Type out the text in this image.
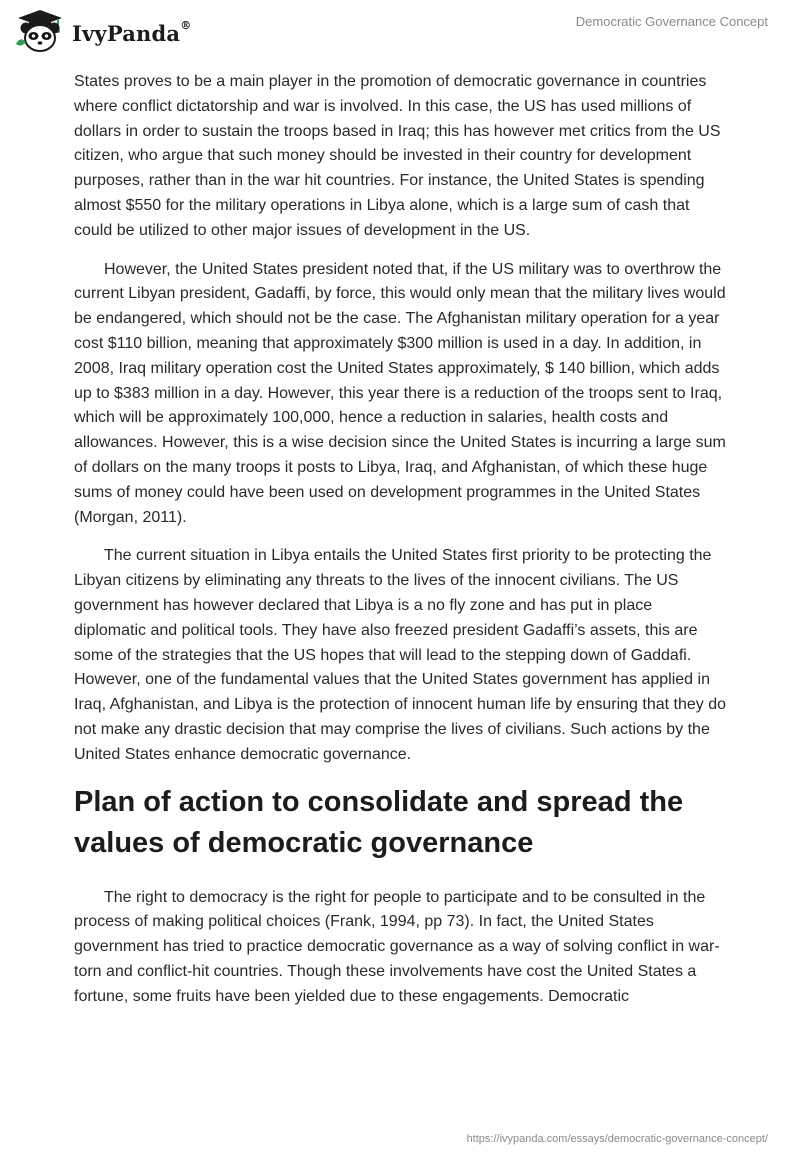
IvyPanda®	Democratic Governance Concept

States proves to be a main player in the promotion of democratic governance in countries where conflict dictatorship and war is involved. In this case, the US has used millions of dollars in order to sustain the troops based in Iraq; this has however met critics from the US citizen, who argue that such money should be invested in their country for development purposes, rather than in the war hit countries. For instance, the United States is spending almost $550 for the military operations in Libya alone, which is a large sum of cash that could be utilized to other major issues of development in the US.

However, the United States president noted that, if the US military was to overthrow the current Libyan president, Gadaffi, by force, this would only mean that the military lives would be endangered, which should not be the case. The Afghanistan military operation for a year cost $110 billion, meaning that approximately $300 million is used in a day. In addition, in 2008, Iraq military operation cost the United States approximately, $ 140 billion, which adds up to $383 million in a day. However, this year there is a reduction of the troops sent to Iraq, which will be approximately 100,000, hence a reduction in salaries, health costs and allowances. However, this is a wise decision since the United States is incurring a large sum of dollars on the many troops it posts to Libya, Iraq, and Afghanistan, of which these huge sums of money could have been used on development programmes in the United States (Morgan, 2011).

The current situation in Libya entails the United States first priority to be protecting the Libyan citizens by eliminating any threats to the lives of the innocent civilians. The US government has however declared that Libya is a no fly zone and has put in place diplomatic and political tools. They have also freezed president Gadaffi’s assets, this are some of the strategies that the US hopes that will lead to the stepping down of Gaddafi. However, one of the fundamental values that the United States government has applied in Iraq, Afghanistan, and Libya is the protection of innocent human life by ensuring that they do not make any drastic decision that may comprise the lives of civilians. Such actions by the United States enhance democratic governance.

Plan of action to consolidate and spread the values of democratic governance

The right to democracy is the right for people to participate and to be consulted in the process of making political choices (Frank, 1994, pp 73). In fact, the United States government has tried to practice democratic governance as a way of solving conflict in war-torn and conflict-hit countries. Though these involvements have cost the United States a fortune, some fruits have been yielded due to these engagements. Democratic

https://ivypanda.com/essays/democratic-governance-concept/
